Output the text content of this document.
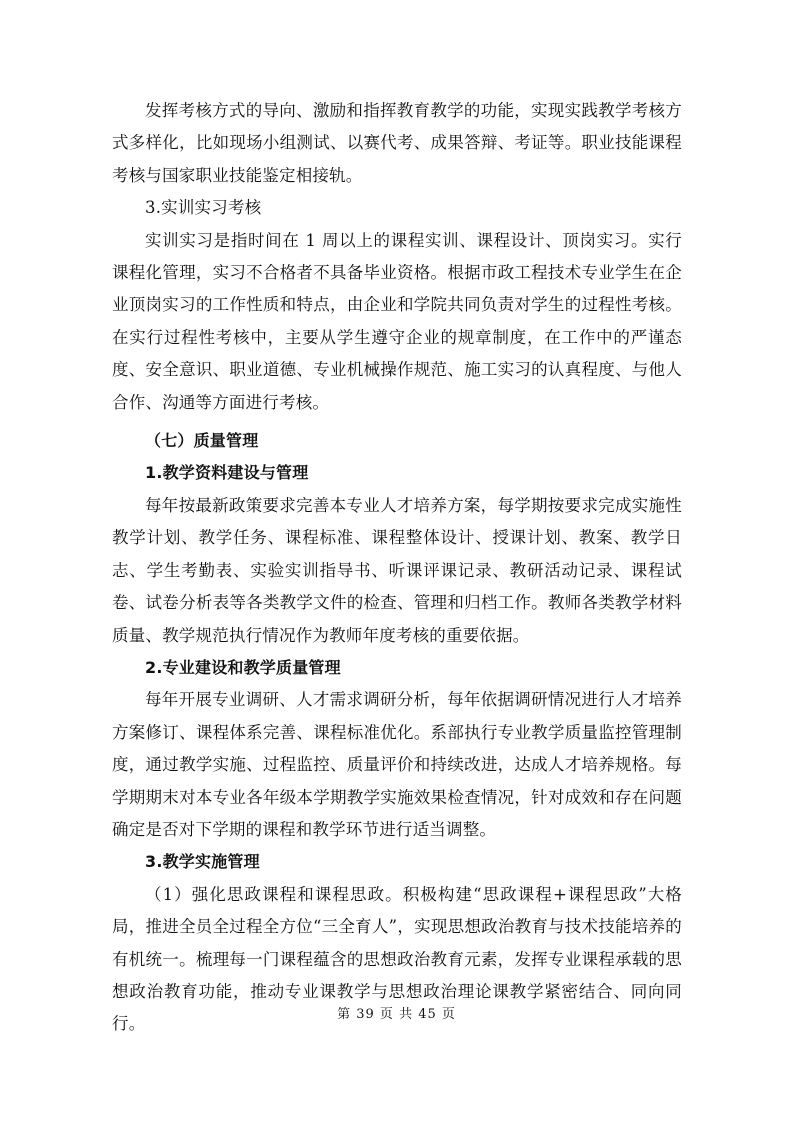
发挥考核方式的导向、激励和指挥教育教学的功能，实现实践教学考核方式多样化，比如现场小组测试、以赛代考、成果答辩、考证等。职业技能课程考核与国家职业技能鉴定相接轨。

3.实训实习考核

实训实习是指时间在 1 周以上的课程实训、课程设计、顶岗实习。实行课程化管理，实习不合格者不具备毕业资格。根据市政工程技术专业学生在企业顶岗实习的工作性质和特点，由企业和学院共同负责对学生的过程性考核。在实行过程性考核中，主要从学生遵守企业的规章制度，在工作中的严谨态度、安全意识、职业道德、专业机械操作规范、施工实习的认真程度、与他人合作、沟通等方面进行考核。

（七）质量管理

1.教学资料建设与管理

每年按最新政策要求完善本专业人才培养方案，每学期按要求完成实施性教学计划、教学任务、课程标准、课程整体设计、授课计划、教案、教学日志、学生考勤表、实验实训指导书、听课评课记录、教研活动记录、课程试卷、试卷分析表等各类教学文件的检查、管理和归档工作。教师各类教学材料质量、教学规范执行情况作为教师年度考核的重要依据。

2.专业建设和教学质量管理

每年开展专业调研、人才需求调研分析，每年依据调研情况进行人才培养方案修订、课程体系完善、课程标准优化。系部执行专业教学质量监控管理制度，通过教学实施、过程监控、质量评价和持续改进，达成人才培养规格。每学期期末对本专业各年级本学期教学实施效果检查情况，针对成效和存在问题确定是否对下学期的课程和教学环节进行适当调整。

3.教学实施管理

（1）强化思政课程和课程思政。积极构建“思政课程+课程思政”大格局，推进全员全过程全方位“三全育人”，实现思想政治教育与技术技能培养的有机统一。梳理每一门课程蕴含的思想政治教育元素，发挥专业课程承载的思想政治教育功能，推动专业课教学与思想政治理论课教学紧密结合、同向同行。	第 39 页 共 45 页
